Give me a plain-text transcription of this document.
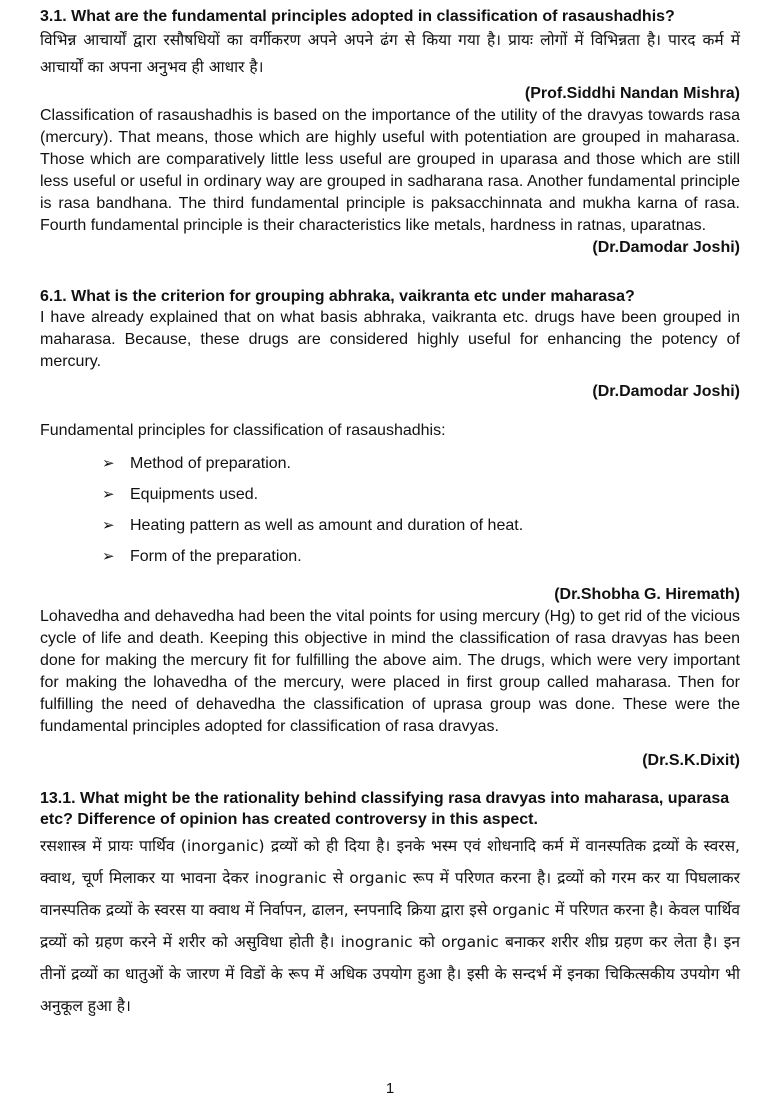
3.1. What are the fundamental principles adopted in classification of rasaushadhis?

विभिन्न आचार्यों द्वारा रसौषधियों का वर्गीकरण अपने अपने ढंग से किया गया है। प्रायः लोगों में विभिन्नता है। पारद कर्म में आचार्यों का अपना अनुभव ही आधार है।

(Prof.Siddhi Nandan Mishra)

Classification of rasaushadhis is based on the importance of the utility of the dravyas towards rasa (mercury). That means, those which are highly useful with potentiation are grouped in maharasa. Those which are comparatively little less useful are grouped in uparasa and those which are still less useful or useful in ordinary way are grouped in sadharana rasa. Another fundamental principle is rasa bandhana. The third fundamental principle is paksacchinnata and mukha karna of rasa. Fourth fundamental principle is their characteristics like metals, hardness in ratnas, uparatnas.

(Dr.Damodar Joshi)

6.1. What is the criterion for grouping abhraka, vaikranta etc under maharasa?

I have already explained that on what basis abhraka, vaikranta etc. drugs have been grouped in maharasa. Because, these drugs are considered highly useful for enhancing the potency of mercury.

(Dr.Damodar Joshi)

Fundamental principles for classification of rasaushadhis:

➢ Method of preparation.
➢ Equipments used.
➢ Heating pattern as well as amount and duration of heat.
➢ Form of the preparation.

(Dr.Shobha G. Hiremath)

Lohavedha and dehavedha had been the vital points for using mercury (Hg) to get rid of the vicious cycle of life and death. Keeping this objective in mind the classification of rasa dravyas has been done for making the mercury fit for fulfilling the above aim. The drugs, which were very important for making the lohavedha of the mercury, were placed in first group called maharasa. Then for fulfilling the need of dehavedha the classification of uprasa group was done. These were the fundamental principles adopted for classification of rasa dravyas.

(Dr.S.K.Dixit)

13.1. What might be the rationality behind classifying rasa dravyas into maharasa, uparasa etc? Difference of opinion has created controversy in this aspect.

रसशास्त्र में प्रायः पार्थिव (inorganic) द्रव्यों को ही दिया है। इनके भस्म एवं शोधनादि कर्म में वानस्पतिक द्रव्यों के स्वरस, क्वाथ, चूर्ण मिलाकर या भावना देकर inogranic से organic रूप में परिणत करना है। द्रव्यों को गरम कर या पिघलाकर वानस्पतिक द्रव्यों के स्वरस या क्वाथ में निर्वापन, ढालन, स्नपनादि क्रिया द्वारा इसे organic में परिणत करना है। केवल पार्थिव द्रव्यों को ग्रहण करने में शरीर को असुविधा होती है। inogranic को organic बनाकर शरीर शीघ्र ग्रहण कर लेता है। इन तीनों द्रव्यों का धातुओं के जारण में विडों के रूप में अधिक उपयोग हुआ है। इसी के सन्दर्भ में इनका चिकित्सकीय उपयोग भी अनुकूल हुआ है।

1
